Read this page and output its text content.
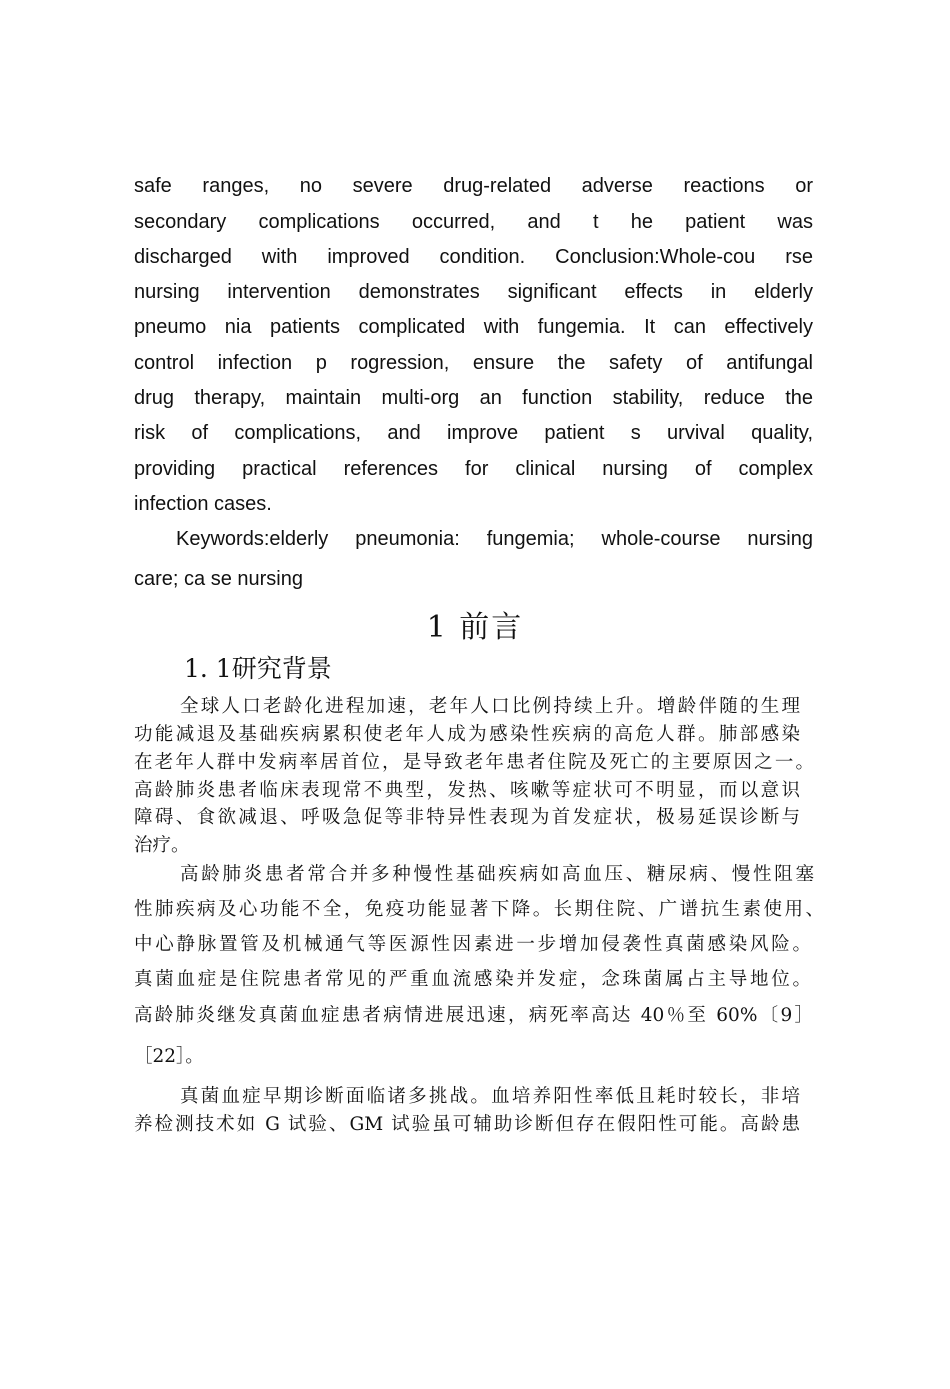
safe ranges, no severe drug-related adverse reactions or
secondary complications occurred, and t he patient was
discharged with improved condition. Conclusion:Whole-cou rse
nursing intervention demonstrates significant effects in elderly
pneumo nia patients complicated with fungemia. It can effectively
control infection p rogression, ensure the safety of antifungal
drug therapy, maintain multi-org an function stability, reduce the
risk of complications, and improve patient s urvival quality,
providing practical references for clinical nursing of complex
infection cases.
Keywords:elderly pneumonia: fungemia; whole-course nursing
care; ca se nursing
1 前言
1. 1研究背景
全球人口老龄化进程加速，老年人口比例持续上升。增龄伴随的生理
功能减退及基础疾病累积使老年人成为感染性疾病的高危人群。肺部感染
在老年人群中发病率居首位，是导致老年患者住院及死亡的主要原因之一。
高龄肺炎患者临床表现常不典型，发热、咳嗽等症状可不明显，而以意识
障碍、食欲减退、呼吸急促等非特异性表现为首发症状，极易延误诊断与
治疗。
高龄肺炎患者常合并多种慢性基础疾病如高血压、糖尿病、慢性阻塞
性肺疾病及心功能不全，免疫功能显著下降。长期住院、广谱抗生素使用、
中心静脉置管及机械通气等医源性因素进一步增加侵袭性真菌感染风险。
真菌血症是住院患者常见的严重血流感染并发症，念珠菌属占主导地位。
高龄肺炎继发真菌血症患者病情进展迅速，病死率高达 40％至 60%〔9］
［22］。
真菌血症早期诊断面临诸多挑战。血培养阳性率低且耗时较长，非培
养检测技术如 G 试验、GM 试验虽可辅助诊断但存在假阳性可能。高龄患
